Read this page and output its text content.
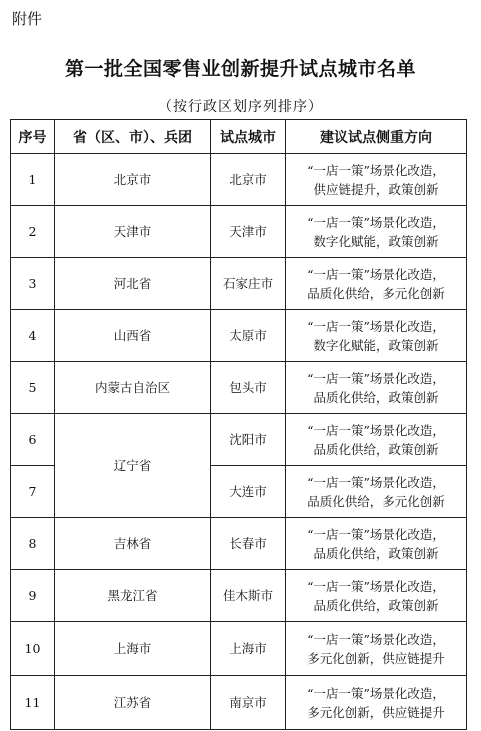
附件
第一批全国零售业创新提升试点城市名单
（按行政区划序列排序）
序号	省（区、市）、兵团	试点城市	建议试点侧重方向
1	北京市	北京市	“一店一策”场景化改造，
供应链提升，政策创新

2	天津市	天津市	“一店一策”场景化改造，
数字化赋能，政策创新

3	河北省	石家庄市	“一店一策”场景化改造，
品质化供给，多元化创新

4	山西省	太原市	“一店一策”场景化改造，
数字化赋能，政策创新

5	内蒙古自治区	包头市	“一店一策”场景化改造，
品质化供给，政策创新

6	辽宁省	沈阳市	“一店一策”场景化改造，
品质化供给，政策创新

7		大连市	“一店一策”场景化改造，
品质化供给，多元化创新

8	吉林省	长春市	“一店一策”场景化改造，
品质化供给，政策创新

9	黑龙江省	佳木斯市	“一店一策”场景化改造，
品质化供给，政策创新

10	上海市	上海市	“一店一策”场景化改造，
多元化创新，供应链提升

11	江苏省	南京市	“一店一策”场景化改造，
多元化创新，供应链提升
